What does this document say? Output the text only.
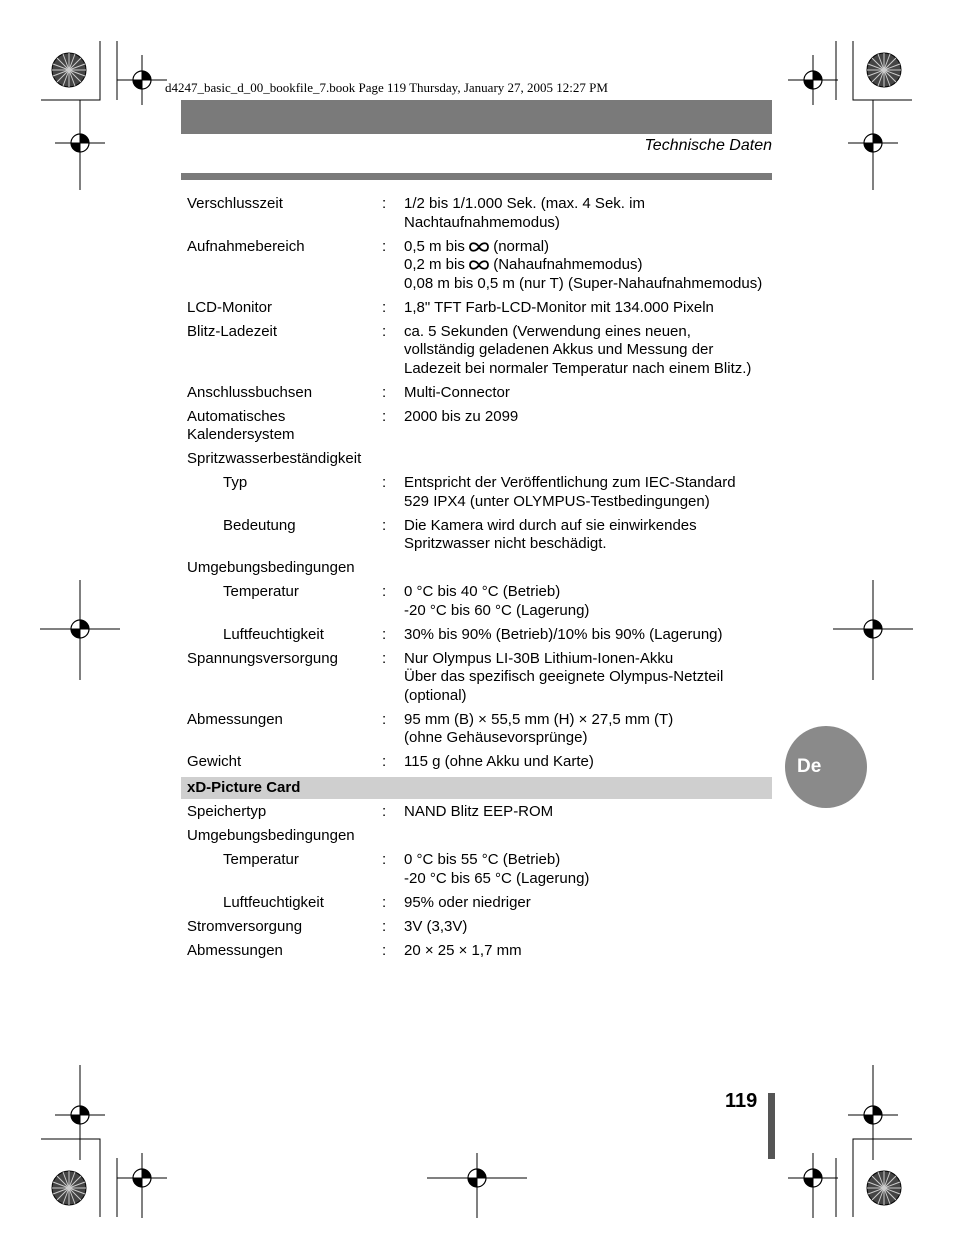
d4247_basic_d_00_bookfile_7.book Page 119 Thursday, January 27, 2005 12:27 PM
Technische Daten
Verschlusszeit	:	1/2 bis 1/1.000 Sek. (max. 4 Sek. im
Nachtaufnahmemodus)
Aufnahmebereich	:	0,5 m bis (normal)
0,2 m bis (Nahaufnahmemodus)
0,08 m bis 0,5 m (nur T) (Super-Nahaufnahmemodus)
LCD-Monitor	:	1,8" TFT Farb-LCD-Monitor mit 134.000 Pixeln
Blitz-Ladezeit	:	ca. 5 Sekunden (Verwendung eines neuen,
vollständig geladenen Akkus und Messung der
Ladezeit bei normaler Temperatur nach einem Blitz.)
Anschlussbuchsen	:	Multi-Connector
Automatisches
Kalendersystem
:	2000 bis zu 2099
Spritzwasserbeständigkeit
Typ	:	Entspricht der Veröffentlichung zum IEC-Standard
529 IPX4 (unter OLYMPUS-Testbedingungen)
Bedeutung	:	Die Kamera wird durch auf sie einwirkendes
Spritzwasser nicht beschädigt.
Umgebungsbedingungen
Temperatur	:	0 °C bis 40 °C (Betrieb)
-20 °C bis 60 °C (Lagerung)
Luftfeuchtigkeit	:	30% bis 90% (Betrieb)/10% bis 90% (Lagerung)
Spannungsversorgung	:	Nur Olympus LI-30B Lithium-Ionen-Akku
Über das spezifisch geeignete Olympus-Netzteil
(optional)
Abmessungen	:	95 mm (B) × 55,5 mm (H) × 27,5 mm (T)
(ohne Gehäusevorsprünge)
Gewicht	:	115 g (ohne Akku und Karte)
xD-Picture Card
Speichertyp	:	NAND Blitz EEP-ROM
Umgebungsbedingungen
Temperatur	:	0 °C bis 55 °C (Betrieb)
-20 °C bis 65 °C (Lagerung)
Luftfeuchtigkeit	:	95% oder niedriger
Stromversorgung	:	3V (3,3V)
Abmessungen	:	20 × 25 × 1,7 mm
De
119
